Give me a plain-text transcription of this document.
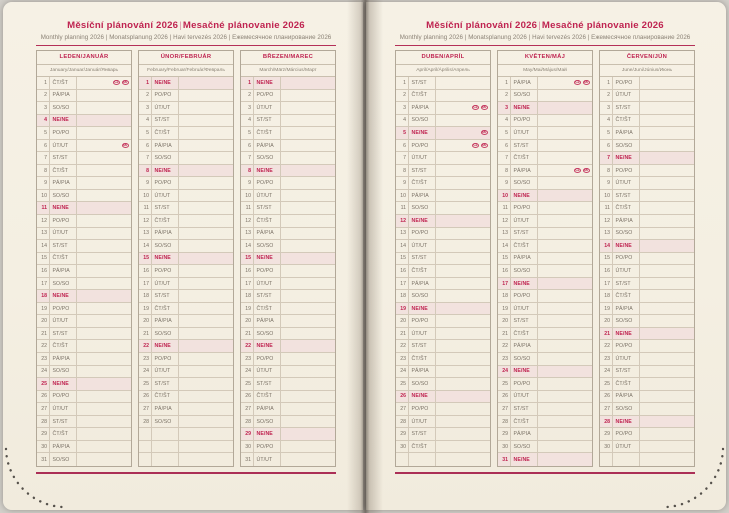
Měsíční plánování 2026|Mesačné plánovanie 2026
Monthly planning 2026 | Monatsplanung 2026 | Havi tervezés 2026 | Ежемесячное планирование 2026
LEDEN/JANUÁR
January/Januar/Január/Январь
1	ČT/ŠT	CZ	SK
2	PÁ/PIA
3	SO/SO
4	NE/NE
5	PO/PO
6	ÚT/UT	SK
7	ST/ST
8	ČT/ŠT
9	PÁ/PIA
10	SO/SO
11	NE/NE
12	PO/PO
13	ÚT/UT
14	ST/ST
15	ČT/ŠT
16	PÁ/PIA
17	SO/SO
18	NE/NE
19	PO/PO
20	ÚT/UT
21	ST/ST
22	ČT/ŠT
23	PÁ/PIA
24	SO/SO
25	NE/NE
26	PO/PO
27	ÚT/UT
28	ST/ST
29	ČT/ŠT
30	PÁ/PIA
31	SO/SO
ÚNOR/FEBRUÁR
February/Februar/Február/Февраль
1	NE/NE
2	PO/PO
3	ÚT/UT
4	ST/ST
5	ČT/ŠT
6	PÁ/PIA
7	SO/SO
8	NE/NE
9	PO/PO
10	ÚT/UT
11	ST/ST
12	ČT/ŠT
13	PÁ/PIA
14	SO/SO
15	NE/NE
16	PO/PO
17	ÚT/UT
18	ST/ST
19	ČT/ŠT
20	PÁ/PIA
21	SO/SO
22	NE/NE
23	PO/PO
24	ÚT/UT
25	ST/ST
26	ČT/ŠT
27	PÁ/PIA
28	SO/SO
BŘEZEN/MAREC
March/März/Március/Март
1	NE/NE
2	PO/PO
3	ÚT/UT
4	ST/ST
5	ČT/ŠT
6	PÁ/PIA
7	SO/SO
8	NE/NE
9	PO/PO
10	ÚT/UT
11	ST/ST
12	ČT/ŠT
13	PÁ/PIA
14	SO/SO
15	NE/NE
16	PO/PO
17	ÚT/UT
18	ST/ST
19	ČT/ŠT
20	PÁ/PIA
21	SO/SO
22	NE/NE
23	PO/PO
24	ÚT/UT
25	ST/ST
26	ČT/ŠT
27	PÁ/PIA
28	SO/SO
29	NE/NE
30	PO/PO
31	ÚT/UT
Měsíční plánování 2026|Mesačné plánovanie 2026
Monthly planning 2026 | Monatsplanung 2026 | Havi tervezés 2026 | Ежемесячное планирование 2026
DUBEN/APRÍL
April/April/Április/Апрель
1	ST/ST
2	ČT/ŠT
3	PÁ/PIA	CZ	SK
4	SO/SO
5	NE/NE	SK
6	PO/PO	CZ	SK
7	ÚT/UT
8	ST/ST
9	ČT/ŠT
10	PÁ/PIA
11	SO/SO
12	NE/NE
13	PO/PO
14	ÚT/UT
15	ST/ST
16	ČT/ŠT
17	PÁ/PIA
18	SO/SO
19	NE/NE
20	PO/PO
21	ÚT/UT
22	ST/ST
23	ČT/ŠT
24	PÁ/PIA
25	SO/SO
26	NE/NE
27	PO/PO
28	ÚT/UT
29	ST/ST
30	ČT/ŠT
KVĚTEN/MÁJ
May/Mai/Május/Май
1	PÁ/PIA	CZ	SK
2	SO/SO
3	NE/NE
4	PO/PO
5	ÚT/UT
6	ST/ST
7	ČT/ŠT
8	PÁ/PIA	CZ	SK
9	SO/SO
10	NE/NE
11	PO/PO
12	ÚT/UT
13	ST/ST
14	ČT/ŠT
15	PÁ/PIA
16	SO/SO
17	NE/NE
18	PO/PO
19	ÚT/UT
20	ST/ST
21	ČT/ŠT
22	PÁ/PIA
23	SO/SO
24	NE/NE
25	PO/PO
26	ÚT/UT
27	ST/ST
28	ČT/ŠT
29	PÁ/PIA
30	SO/SO
31	NE/NE
ČERVEN/JÚN
June/Juni/Június/Июнь
1	PO/PO
2	ÚT/UT
3	ST/ST
4	ČT/ŠT
5	PÁ/PIA
6	SO/SO
7	NE/NE
8	PO/PO
9	ÚT/UT
10	ST/ST
11	ČT/ŠT
12	PÁ/PIA
13	SO/SO
14	NE/NE
15	PO/PO
16	ÚT/UT
17	ST/ST
18	ČT/ŠT
19	PÁ/PIA
20	SO/SO
21	NE/NE
22	PO/PO
23	ÚT/UT
24	ST/ST
25	ČT/ŠT
26	PÁ/PIA
27	SO/SO
28	NE/NE
29	PO/PO
30	ÚT/UT
